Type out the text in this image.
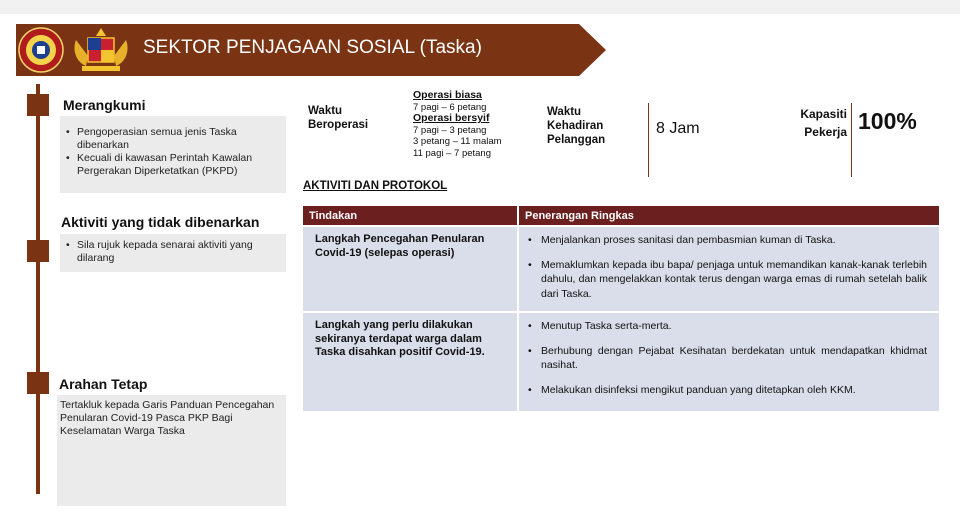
SEKTOR PENJAGAAN SOSIAL (Taska)
Merangkumi
• Pengoperasian semua jenis Taska dibenarkan
• Kecuali di kawasan Perintah Kawalan Pergerakan Diperketatkan (PKPD)
Aktiviti yang tidak dibenarkan
• Sila rujuk kepada senarai aktiviti yang dilarang
Arahan Tetap
Tertakluk kepada Garis Panduan Pencegahan Penularan Covid-19 Pasca PKP Bagi Keselamatan Warga Taska
Waktu
Beroperasi
Operasi biasa
7 pagi – 6 petang
Operasi bersyif
7 pagi – 3 petang
3 petang – 11 malam
11 pagi – 7 petang
Waktu
Kehadiran
Pelanggan
8 Jam
Kapasiti
Pekerja 100%
AKTIVITI DAN PROTOKOL
Tindakan	Penerangan Ringkas
Langkah Pencegahan Penularan Covid-19 (selepas operasi)
• Menjalankan proses sanitasi dan pembasmian kuman di Taska.
• Memaklumkan kepada ibu bapa/ penjaga untuk memandikan kanak-kanak terlebih dahulu, dan mengelakkan kontak terus dengan warga emas di rumah setelah balik dari Taska.
Langkah yang perlu dilakukan sekiranya terdapat warga dalam Taska disahkan positif Covid-19.
• Menutup Taska serta-merta.
• Berhubung dengan Pejabat Kesihatan berdekatan untuk mendapatkan khidmat nasihat.
• Melakukan disinfeksi mengikut panduan yang ditetapkan oleh KKM.
